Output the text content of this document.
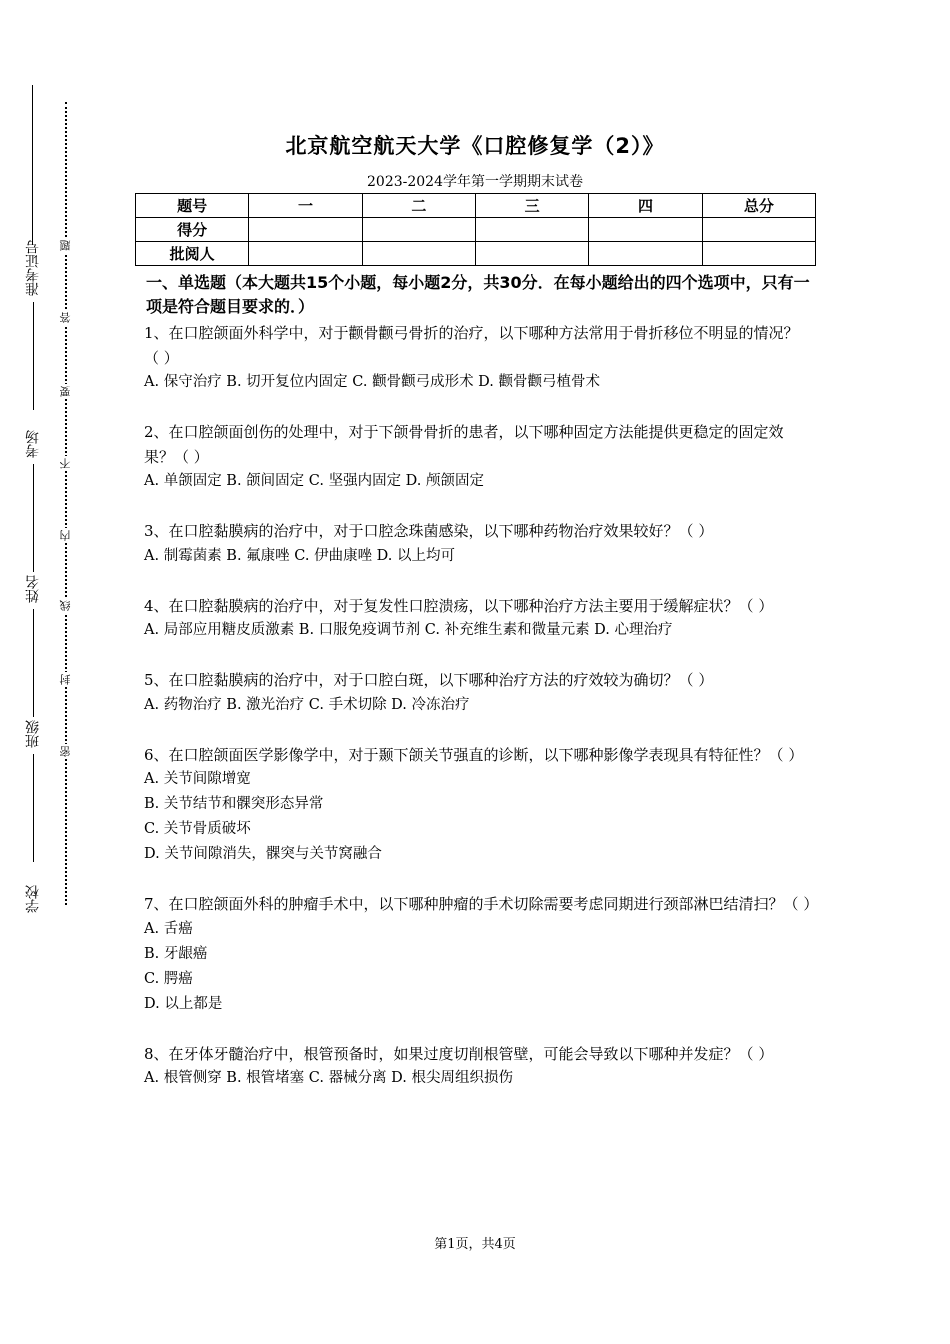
准考证号
考场
姓名
班级
学校
题
答
要
不
内
线
封
密
北京航空航天大学《口腔修复学（2）》
2023-2024学年第一学期期末试卷
题号	一	二	三	四	总分
得分					
批阅人					
一、单选题（本大题共15个小题，每小题2分，共30分．在每小题给出的四个选项中，只有一项是符合题目要求的．）
1、在口腔颌面外科学中，对于颧骨颧弓骨折的治疗，以下哪种方法常用于骨折移位不明显的情况？（ ）
A. 保守治疗 B. 切开复位内固定 C. 颧骨颧弓成形术 D. 颧骨颧弓植骨术
2、在口腔颌面创伤的处理中，对于下颌骨骨折的患者，以下哪种固定方法能提供更稳定的固定效果？（ ）
A. 单颌固定 B. 颌间固定 C. 坚强内固定 D. 颅颌固定
3、在口腔黏膜病的治疗中，对于口腔念珠菌感染，以下哪种药物治疗效果较好？（ ）
A. 制霉菌素 B. 氟康唑 C. 伊曲康唑 D. 以上均可
4、在口腔黏膜病的治疗中，对于复发性口腔溃疡，以下哪种治疗方法主要用于缓解症状？（ ）
A. 局部应用糖皮质激素 B. 口服免疫调节剂 C. 补充维生素和微量元素 D. 心理治疗
5、在口腔黏膜病的治疗中，对于口腔白斑，以下哪种治疗方法的疗效较为确切？（ ）
A. 药物治疗 B. 激光治疗 C. 手术切除 D. 冷冻治疗
6、在口腔颌面医学影像学中，对于颞下颌关节强直的诊断，以下哪种影像学表现具有特征性？（ ）
A. 关节间隙增宽
B. 关节结节和髁突形态异常
C. 关节骨质破坏
D. 关节间隙消失，髁突与关节窝融合
7、在口腔颌面外科的肿瘤手术中，以下哪种肿瘤的手术切除需要考虑同期进行颈部淋巴结清扫？（ ）
A. 舌癌
B. 牙龈癌
C. 腭癌
D. 以上都是
8、在牙体牙髓治疗中，根管预备时，如果过度切削根管壁，可能会导致以下哪种并发症？（ ）
A. 根管侧穿 B. 根管堵塞 C. 器械分离 D. 根尖周组织损伤
第1页，共4页
